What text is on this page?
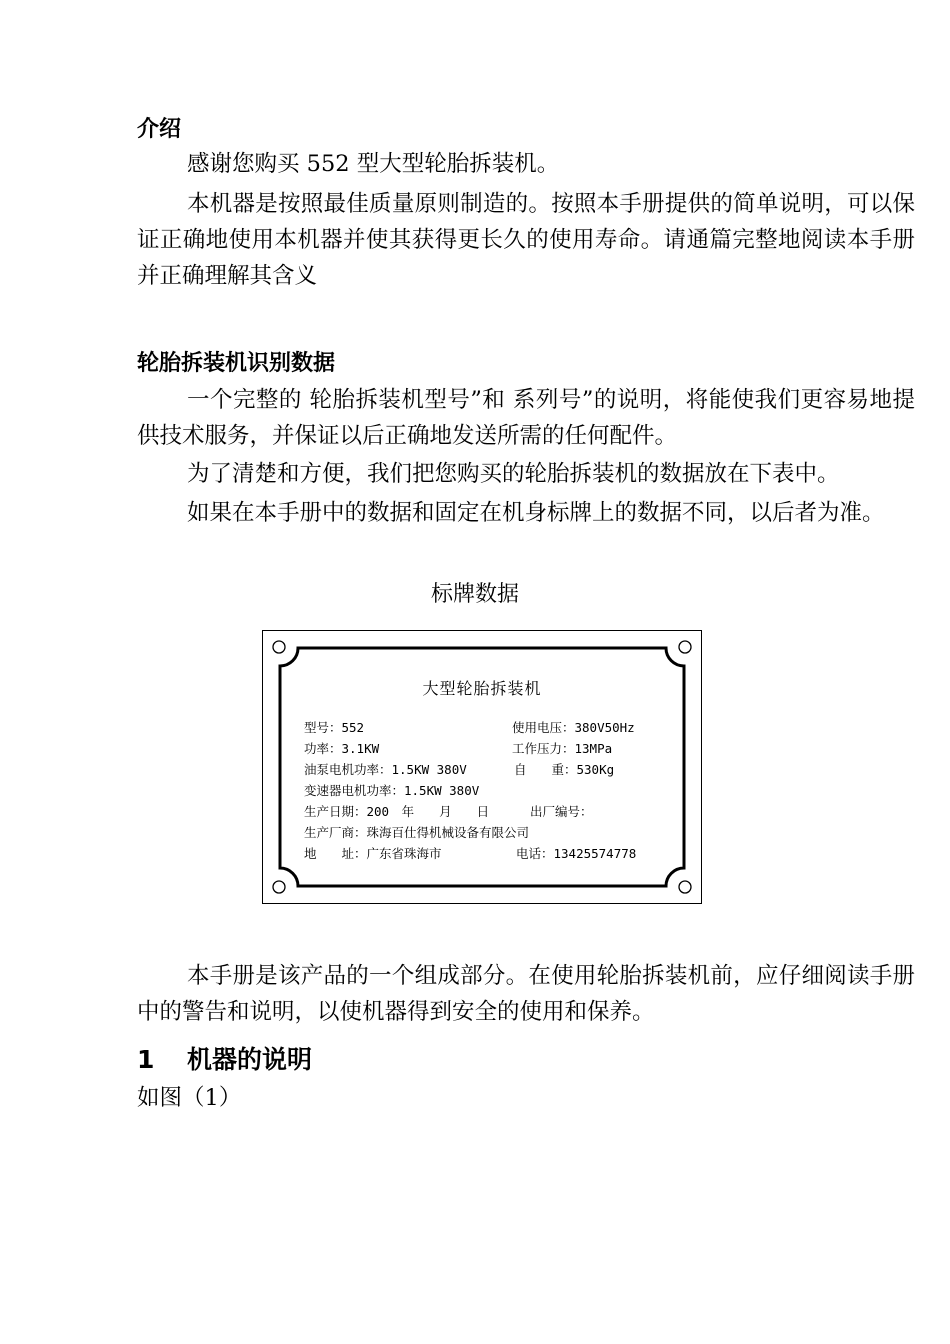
介绍

感谢您购买 552 型大型轮胎拆装机。

本机器是按照最佳质量原则制造的。按照本手册提供的简单说明，可以保证正确地使用本机器并使其获得更长久的使用寿命。请通篇完整地阅读本手册并正确理解其含义

轮胎拆装机识别数据

一个完整的 轮胎拆装机型号”和 系列号”的说明，将能使我们更容易地提供技术服务，并保证以后正确地发送所需的任何配件。

为了清楚和方便，我们把您购买的轮胎拆装机的数据放在下表中。

如果在本手册中的数据和固定在机身标牌上的数据不同，以后者为准。

标牌数据

本手册是该产品的一个组成部分。在使用轮胎拆装机前，应仔细阅读手册中的警告和说明，以使机器得到安全的使用和保养。

1 机器的说明

如图（1）

大型轮胎拆装机
型号：552	使用电压：380V50Hz
功率：3.1KW	工作压力：13MPa
油泵电机功率：1.5KW 380V	自　　重：530Kg
变速器电机功率：1.5KW 380V
生产日期：200　年　　月　　日	出厂编号：
生产厂商：珠海百仕得机械设备有限公司
地　　址：广东省珠海市	电话：13425574778
